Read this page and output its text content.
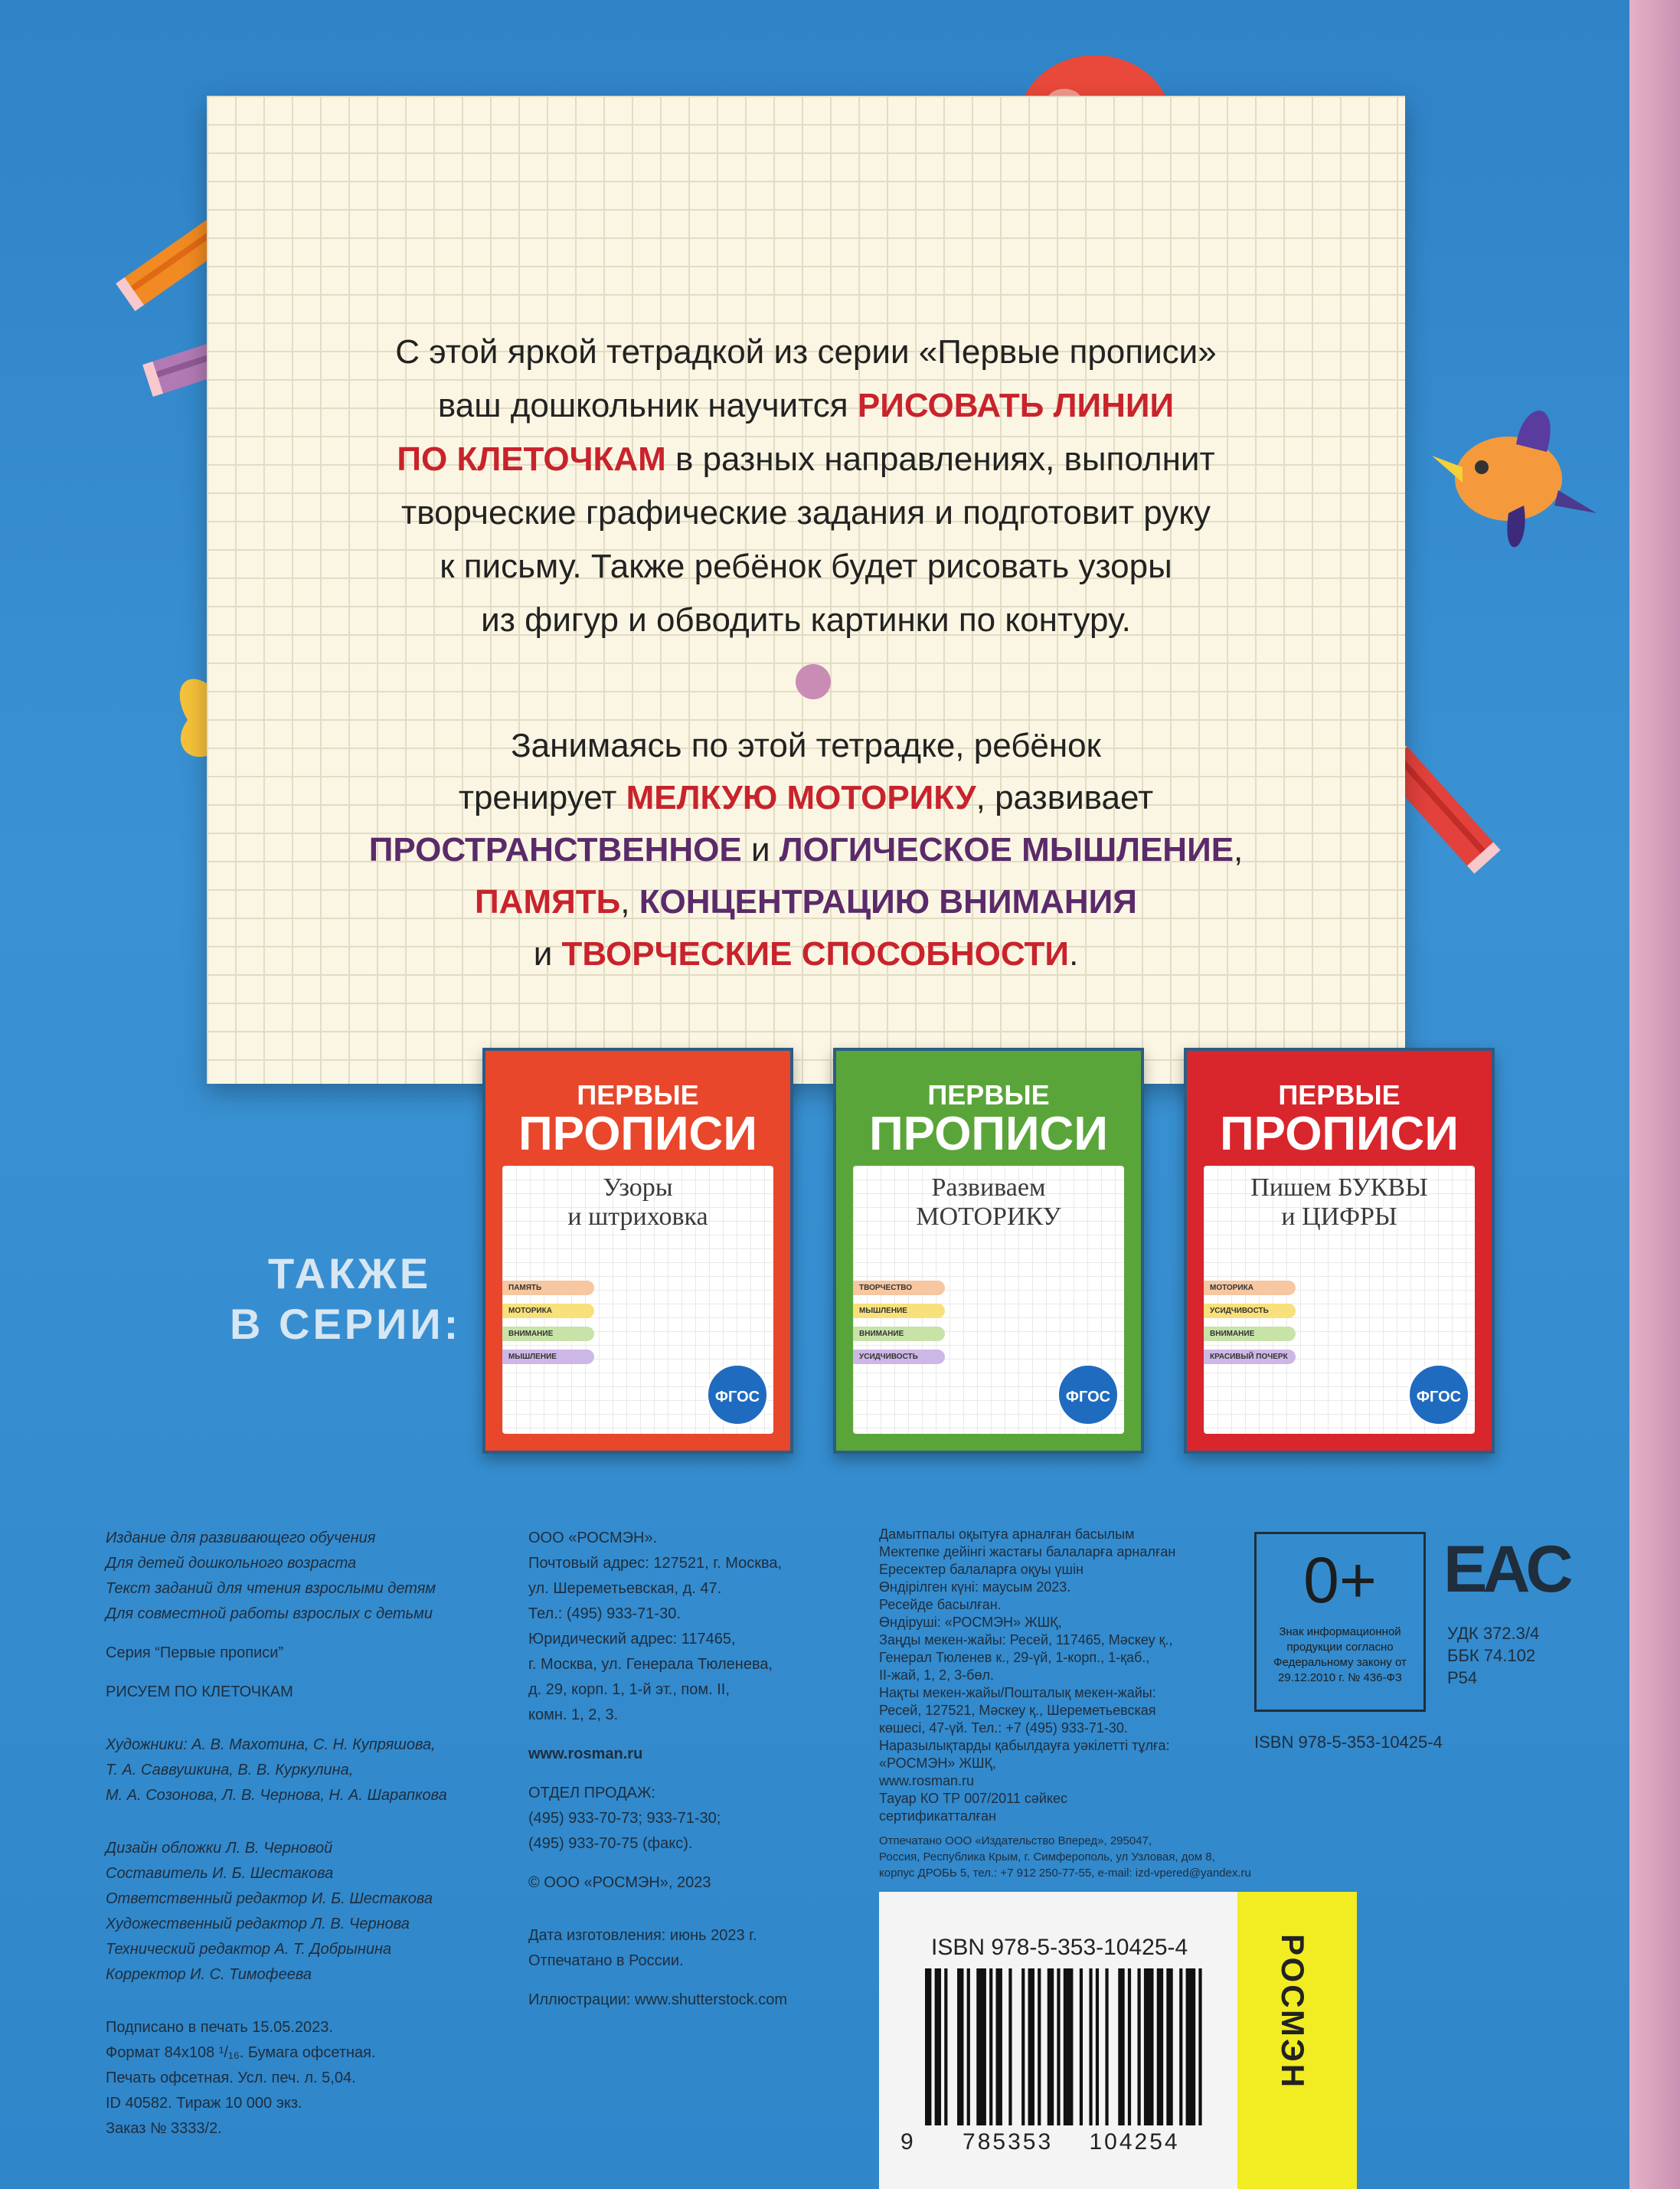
С этой яркой тетрадкой из серии «Первые прописи»

ваш дошкольник научится РИСОВАТЬ ЛИНИИ

ПО КЛЕТОЧКАМ в разных направлениях, выполнит

творческие графические задания и подготовит руку

к письму. Также ребёнок будет рисовать узоры

из фигур и обводить картинки по контуру.

Занимаясь по этой тетрадке, ребёнок

тренирует МЕЛКУЮ МОТОРИКУ, развивает

ПРОСТРАНСТВЕННОЕ и ЛОГИЧЕСКОЕ МЫШЛЕНИЕ,

ПАМЯТЬ, КОНЦЕНТРАЦИЮ ВНИМАНИЯ

и ТВОРЧЕСКИЕ СПОСОБНОСТИ.

ТАКЖЕ

В СЕРИИ:

ПЕРВЫЕ
ПРОПИСИ

Узоры

и штриховка

ПАМЯТЬ
МОТОРИКА
ВНИМАНИЕ
МЫШЛЕНИЕ
ФГОС
ПЕРВЫЕ
ПРОПИСИ

Развиваем

МОТОРИКУ

ТВОРЧЕСТВО
МЫШЛЕНИЕ
ВНИМАНИЕ
УСИДЧИВОСТЬ
ФГОС
ПЕРВЫЕ
ПРОПИСИ

Пишем БУКВЫ

и ЦИФРЫ

МОТОРИКА
УСИДЧИВОСТЬ
ВНИМАНИЕ
КРАСИВЫЙ ПОЧЕРК
ФГОС

Издание для развивающего обучения

Для детей дошкольного возраста

Текст заданий для чтения взрослыми детям

Для совместной работы взрослых с детьми

Серия “Первые прописи”

РИСУЕМ ПО КЛЕТОЧКАМ

Художники: А. В. Махотина, С. Н. Купряшова,

Т. А. Саввушкина, В. В. Куркулина,

М. А. Созонова, Л. В. Чернова, Н. А. Шарапкова

Дизайн обложки Л. В. Черновой

Составитель И. Б. Шестакова

Ответственный редактор И. Б. Шестакова

Художественный редактор Л. В. Чернова

Технический редактор А. Т. Добрынина

Корректор И. С. Тимофеева

Подписано в печать 15.05.2023.

Формат 84x108 ¹/₁₆. Бумага офсетная.

Печать офсетная. Усл. печ. л. 5,04.

ID 40582. Тираж 10 000 экз.

Заказ № 3333/2.

ООО «РОСМЭН».

Почтовый адрес: 127521, г. Москва,

ул. Шереметьевская, д. 47.

Тел.: (495) 933-71-30.

Юридический адрес: 117465,

г. Москва, ул. Генерала Тюленева,

д. 29, корп. 1, 1-й эт., пом. II,

комн. 1, 2, 3.

www.rosman.ru

ОТДЕЛ ПРОДАЖ:

(495) 933-70-73; 933-71-30;

(495) 933-70-75 (факс).

© ООО «РОСМЭН», 2023

Дата изготовления: июнь 2023 г.

Отпечатано в России.

Иллюстрации: www.shutterstock.com

Дамытпалы оқытуға арналған басылым

Мектепке дейінгі жастағы балаларға арналған

Ересектер балаларға оқуы үшін

Өндірілген күні: маусым 2023.

Ресейде басылған.

Өндіруші: «РОСМЭН» ЖШҚ,

Заңды мекен-жайы: Ресей, 117465, Мәскеу қ.,

Генерал Тюленев к., 29-үй, 1-корп., 1-қаб.,

II-жай, 1, 2, 3-бөл.

Нақты мекен-жайы/Пошталық мекен-жайы:

Ресей, 127521, Мәскеу қ., Шереметьевская

көшесі, 47-үй. Тел.: +7 (495) 933-71-30.

Наразылықтарды қабылдауға уәкілетті тұлға:

«РОСМЭН» ЖШҚ,

www.rosman.ru

Тауар КО ТР 007/2011 сәйкес

сертификатталған

Отпечатано ООО «Издательство Вперед», 295047,

Россия, Республика Крым, г. Симферополь, ул Узловая, дом 8,

корпус ДРОБЬ 5, тел.: +7 912 250-77-55, e-mail: izd-vpered@yandex.ru

0+
Знак информационной продукции согласно Федеральному закону от 29.12.2010 г. № 436-ФЗ
EAC

УДК 372.3/4

ББК 74.102

Р54

ISBN 978-5-353-10425-4
ISBN 978-5-353-10425-4
9 785353 104254
РОСМЭН
